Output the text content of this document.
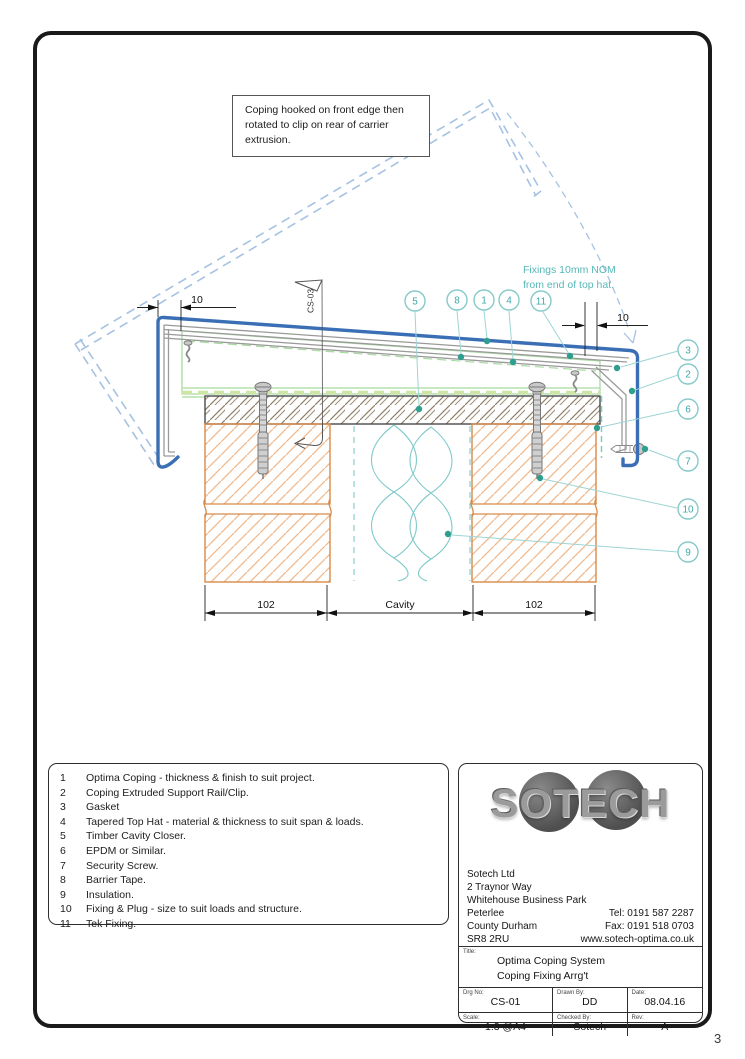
CS-03
10
10
102	Cavity	102
Fixings 10mm NOM
from end of top hat.
5	8 1 4 11
3
2
6
7
10
9
Coping hooked on front edge then
rotated to clip on rear of carrier
extrusion.
1	Optima Coping - thickness & finish to suit project.
2	Coping Extruded Support Rail/Clip.
3	Gasket
4	Tapered Top Hat - material & thickness to suit span & loads.
5	Timber Cavity Closer.
6	EPDM or Similar.
7	Security Screw.
8	Barrier Tape.
9	Insulation.
10	Fixing & Plug - size to suit loads and structure.
11	Tek Fixing.
SOTECH
Sotech Ltd
2 Traynor Way
Whitehouse Business Park
Peterlee	Tel: 0191 587 2287
County Durham	Fax: 0191 518 0703
SR8 2RU	www.sotech-optima.co.uk
Title:
Optima Coping System
Coping Fixing Arrg't
Drg No:
CS-01
Drawn By:
DD
Date:
08.04.16
Scale:
1:3 @A4
Checked By:
Sotech
Rev:
A
3
